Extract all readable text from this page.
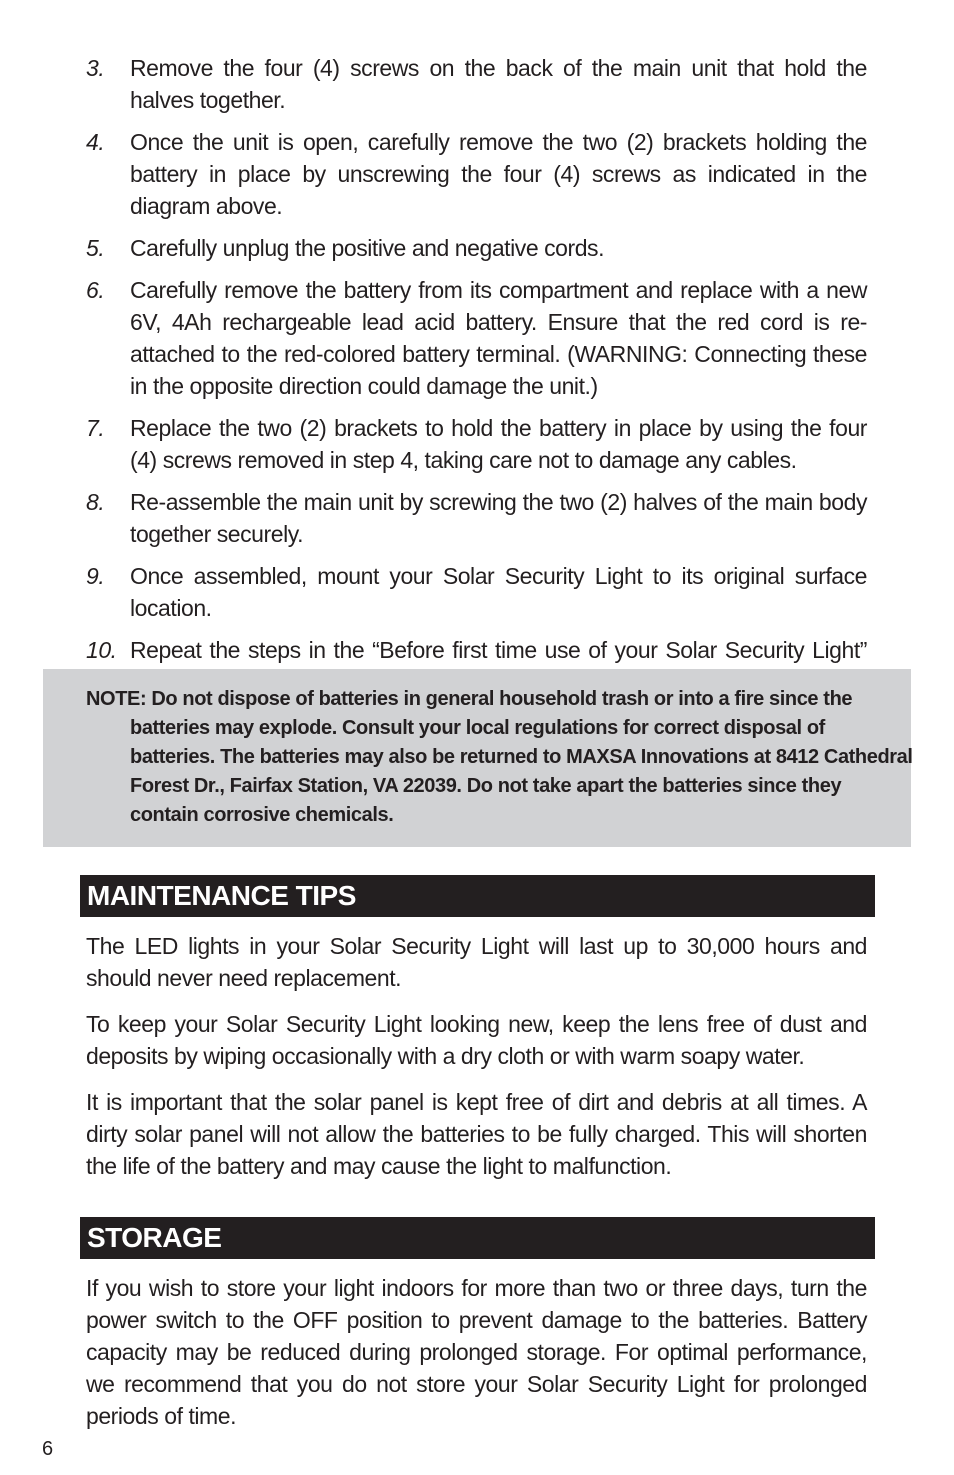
3.	Remove the four (4) screws on the back of the main unit that hold the halves together.
4.	Once the unit is open, carefully remove the two (2) brackets holding the battery in place by unscrewing the four (4) screws as indicated in the diagram above.
5.	Carefully unplug the positive and negative cords.
6.	Carefully remove the battery from its compartment and replace with a new 6V, 4Ah rechargeable lead acid battery. Ensure that the red cord is re-attached to the red-colored battery terminal. (WARNING: Connecting these in the opposite direction could damage the unit.)
7.	Replace the two (2) brackets to hold the battery in place by using the four (4) screws removed in step 4, taking care not to damage any cables.
8.	Re-assemble the main unit by screwing the two (2) halves of the main body together securely.
9.	Once assembled, mount your Solar Security Light to its original surface location.
10. Repeat the steps in the “Before first time use of your Solar Security Light”

NOTE: Do not dispose of batteries in general household trash or into a fire since the batteries may explode. Consult your local regulations for correct disposal of batteries. The batteries may also be returned to MAXSA Innovations at 8412 Cathedral Forest Dr., Fairfax Station, VA 22039. Do not take apart the batteries since they contain corrosive chemicals.

MAINTENANCE TIPS

The LED lights in your Solar Security Light will last up to 30,000 hours and should never need replacement.

To keep your Solar Security Light looking new, keep the lens free of dust and deposits by wiping occasionally with a dry cloth or with warm soapy water.

It is important that the solar panel is kept free of dirt and debris at all times. A dirty solar panel will not allow the batteries to be fully charged. This will shorten the life of the battery and may cause the light to malfunction.

STORAGE

If you wish to store your light indoors for more than two or three days, turn the power switch to the OFF position to prevent damage to the batteries. Battery capacity may be reduced during prolonged storage. For optimal performance, we recommend that you do not store your Solar Security Light for prolonged periods of time.

6
